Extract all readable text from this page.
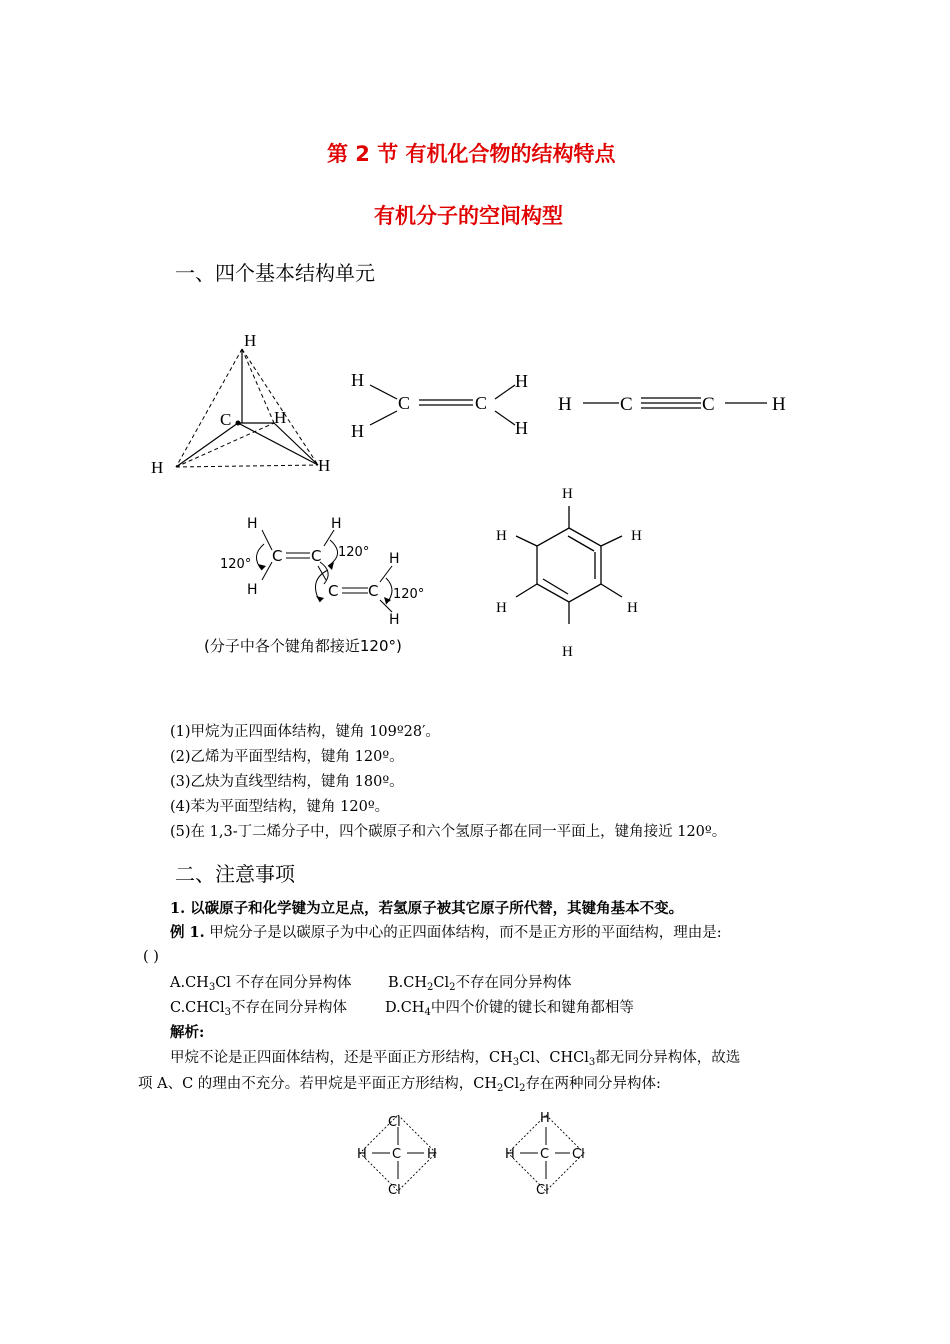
第 2 节 有机化合物的结构特点
有机分子的空间构型
一、四个基本结构单元
H
C	H
H	H
H
H
C	C
H
H
H	C	C	H
H
H
C C
H
C C
H
H
120°
120°
120°
(分子中各个键角都接近120°)
H
H
H
H
H
H
(1)甲烷为正四面体结构，键角 109º28′。
(2)乙烯为平面型结构，键角 120º。
(3)乙炔为直线型结构，键角 180º。
(4)苯为平面型结构，键角 120º。
(5)在 1,3-丁二烯分子中，四个碳原子和六个氢原子都在同一平面上，键角接近 120º。
二、注意事项
1. 以碳原子和化学键为立足点，若氢原子被其它原子所代替，其键角基本不变。
例 1. 甲烷分子是以碳原子为中心的正四面体结构，而不是正方形的平面结构，理由是:
( )
$A.CH_3Cl$ 不存在同分异构体	$B.CH_2Cl_2$不存在同分异构体
C.CHCl$_3$不存在同分异构体	$D.CH_4$中四个价键的键长和键角都相等
解析:
甲烷不论是正四面体结构，还是平面正方形结构，$CH_3Cl$、CHCl$_3$都无同分异构体，故选
项 A、C 的理由不充分。若甲烷是平面正方形结构，$CH_2Cl_2$存在两种同分异构体:
Cl
H C H
Cl
H
H C Cl
Cl
